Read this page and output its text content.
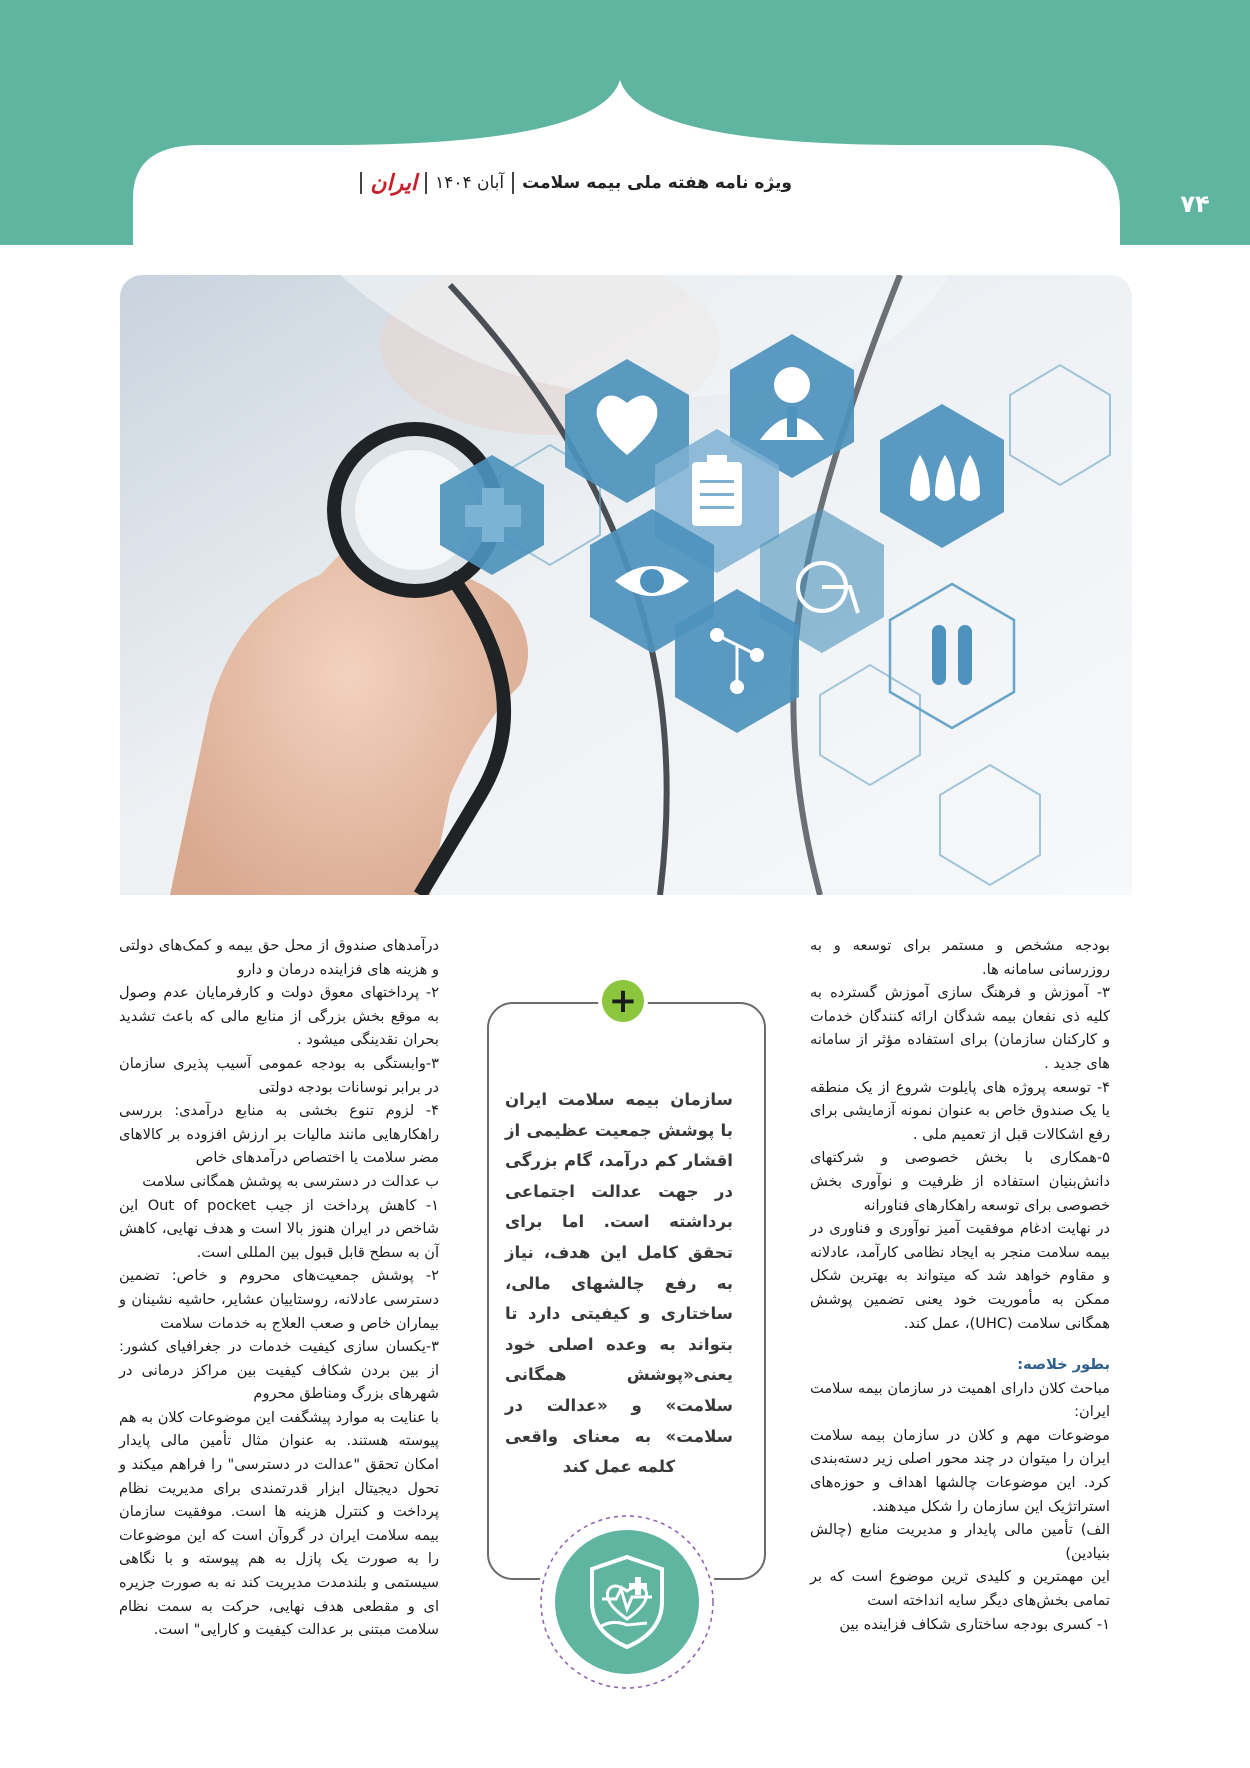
۷۴
ویژه نامه هفته ملی بیمه سلامت
آبان ۱۴۰۴
ایران

بودجه مشخص و مستمر برای توسعه و به روزرسانی سامانه ها.

۳- آموزش و فرهنگ سازی آموزش گسترده به کلیه ذی نفعان بیمه شدگان ارائه کنندگان خدمات و کارکنان سازمان) برای استفاده مؤثر از سامانه های جدید .

۴- توسعه پروژه های پایلوت شروع از یک منطقه یا یک صندوق خاص به عنوان نمونه آزمایشی برای رفع اشکالات قبل از تعمیم ملی .

۵-همکاری با بخش خصوصی و شرکتهای دانش‌بنیان استفاده از ظرفیت و نوآوری بخش خصوصی برای توسعه راهکارهای فناورانه

در نهایت ادغام موفقیت آمیز نوآوری و فناوری در بیمه سلامت منجر به ایجاد نظامی کارآمد، عادلانه و مقاوم خواهد شد که میتواند به بهترین شکل ممکن به مأموریت خود یعنی تضمین پوشش همگانی سلامت (UHC)، عمل کند.

بطور خلاصه:

مباحث کلان دارای اهمیت در سازمان بیمه سلامت ایران:

موضوعات مهم و کلان در سازمان بیمه سلامت ایران را میتوان در چند محور اصلی زیر دسته‌بندی کرد. این موضوعات چالشها اهداف و حوزه‌های استراتژیک این سازمان را شکل میدهند.

الف) تأمین مالی پایدار و مدیریت منابع (چالش بنیادین)

این مهمترین و کلیدی ترین موضوع است که بر تمامی بخش‌های دیگر سایه انداخته است

۱- کسری بودجه ساختاری شکاف فزاینده بین

+
سازمان بیمه سلامت ایران با پوشش جمعیت عظیمی از اقشار کم درآمد، گام بزرگی در جهت عدالت اجتماعی برداشته است. اما برای تحقق کامل این هدف، نیاز به رفع چالشهای مالی، ساختاری و کیفیتی دارد تا بتواند به وعده اصلی خود یعنی«پوشش همگانی سلامت» و «عدالت در سلامت» به معنای واقعی کلمه عمل کند

درآمدهای صندوق از محل حق بیمه و کمک‌های دولتی و هزینه های فزاینده درمان و دارو

۲- پرداختهای معوق دولت و کارفرمایان عدم وصول به موقع بخش بزرگی از منابع مالی که باعث تشدید بحران نقدینگی میشود .

۳-وابستگی به بودجه عمومی آسیب پذیری سازمان در برابر نوسانات بودجه دولتی

۴- لزوم تنوع بخشی به منابع درآمدی: بررسی راهکارهایی مانند مالیات بر ارزش افزوده بر کالاهای مضر سلامت یا اختصاص درآمدهای خاص

ب عدالت در دسترسی به پوشش همگانی سلامت

۱- کاهش پرداخت از جیب Out of pocket این شاخص در ایران هنوز بالا است و هدف نهایی، کاهش آن به سطح قابل قبول بین المللی است.

۲- پوشش جمعیت‌های محروم و خاص: تضمین دسترسی عادلانه، روستاییان عشایر، حاشیه نشینان و بیماران خاص و صعب العلاج به خدمات سلامت

۳-یکسان سازی کیفیت خدمات در جغرافیای کشور: از بین بردن شکاف کیفیت بین مراکز درمانی در شهرهای بزرگ ومناطق محروم

با عنایت به موارد پیشگفت این موضوعات کلان به هم پیوسته هستند. به عنوان مثال تأمین مالی پایدار امکان تحقق "عدالت در دسترسی" را فراهم میکند و تحول دیجیتال ابزار قدرتمندی برای مدیریت نظام پرداخت و کنترل هزینه ها است. موفقیت سازمان بیمه سلامت ایران در گروآن است که این موضوعات را به صورت یک پازل به هم پیوسته و با نگاهی سیستمی و بلندمدت مدیریت کند نه به صورت جزیره ای و مقطعی هدف نهایی، حرکت به سمت نظام سلامت مبتنی بر عدالت کیفیت و کارایی" است.
